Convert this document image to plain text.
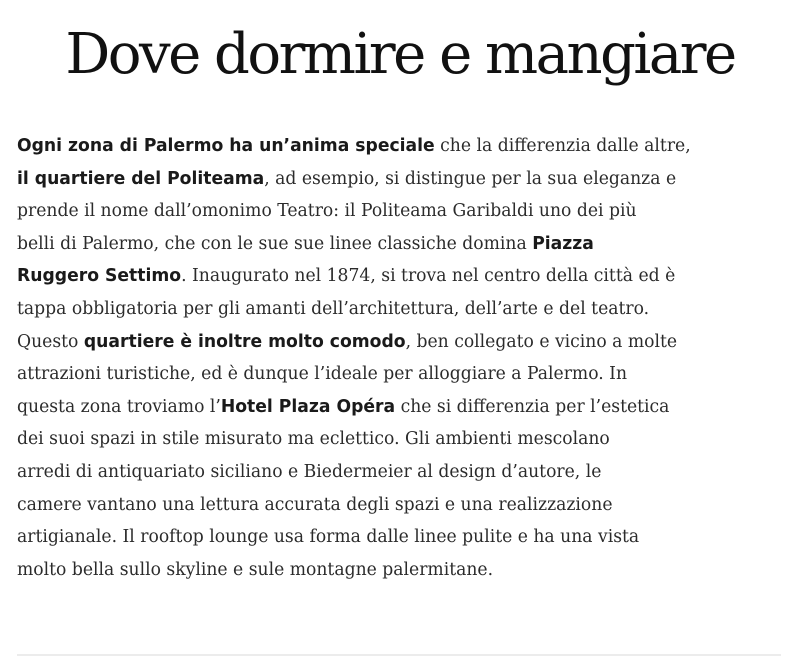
Dove dormire e mangiare
Ogni zona di Palermo ha un’anima speciale che la differenzia dalle altre,
il quartiere del Politeama, ad esempio, si distingue per la sua eleganza e
prende il nome dall’omonimo Teatro: il Politeama Garibaldi uno dei più
belli di Palermo, che con le sue sue linee classiche domina Piazza
Ruggero Settimo. Inaugurato nel 1874, si trova nel centro della città ed è
tappa obbligatoria per gli amanti dell’architettura, dell’arte e del teatro.
Questo quartiere è inoltre molto comodo, ben collegato e vicino a molte
attrazioni turistiche, ed è dunque l’ideale per alloggiare a Palermo. In
questa zona troviamo l’Hotel Plaza Opéra che si differenzia per l’estetica
dei suoi spazi in stile misurato ma eclettico. Gli ambienti mescolano
arredi di antiquariato siciliano e Biedermeier al design d’autore, le
camere vantano una lettura accurata degli spazi e una realizzazione
artigianale. Il rooftop lounge usa forma dalle linee pulite e ha una vista
molto bella sullo skyline e sule montagne palermitane.
